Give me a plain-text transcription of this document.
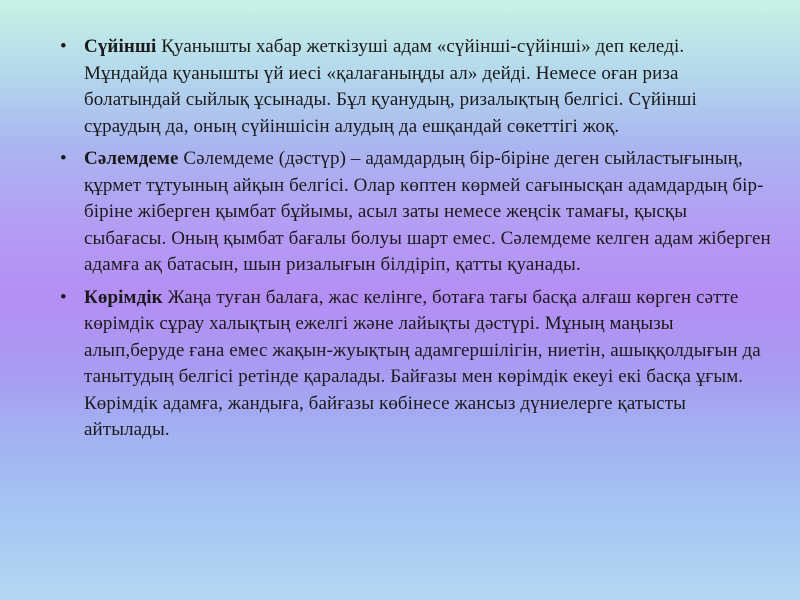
• Сүйінші Қуанышты хабар жеткізуші адам «сүйінші-сүйінші» деп келеді. Мұндайда қуанышты үй иесі «қалағаныңды ал» дейді. Немесе оған риза болатындай сыйлық ұсынады. Бұл қуанудың, ризалықтың белгісі. Сүйінші сұраудың да, оның сүйіншісін алудың да ешқандай сөкеттігі жоқ.
• Сәлемдеме Сәлемдеме (дәстүр) – адамдардың бір-біріне деген сыйластығының, құрмет тұтуының айқын белгісі. Олар көптен көрмей сағынысқан адамдардың бір-біріне жіберген қымбат бұйымы, асыл заты немесе жеңсік тамағы, қысқы сыбағасы. Оның қымбат бағалы болуы шарт емес. Сәлемдеме келген адам жіберген адамға ақ батасын, шын ризалығын білдіріп, қатты қуанады.
• Көрімдік Жаңа туған балаға, жас келінге, ботаға тағы басқа алғаш көрген сәтте көрімдік сұрау халықтың ежелгі және лайықты дәстүрі. Мұның маңызы алып,беруде ғана емес жақын-жуықтың адамгершілігін, ниетін, ашыққолдығын да танытудың белгісі ретінде қаралады. Байғазы мен көрімдік екеуі екі басқа ұғым. Көрімдік адамға, жандыға, байғазы көбінесе жансыз дүниелерге қатысты айтылады.
